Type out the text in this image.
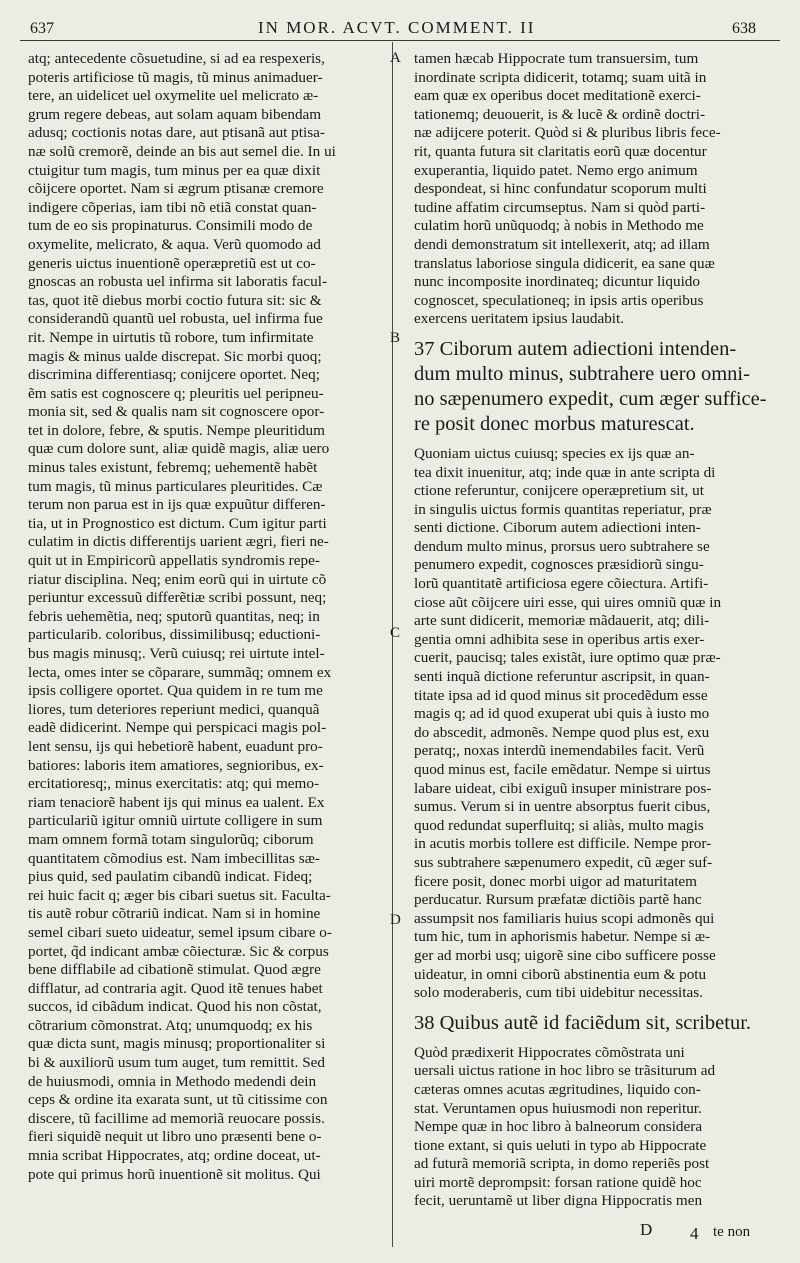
637	IN MOR. ACVT. COMMENT. II	638
A
B
C
D
atq; antecedente cõsuetudine, si ad ea respexeris,
poteris artificiose tũ magis, tũ minus animaduer-
tere, an uidelicet uel oxymelite uel melicrato æ-
grum regere debeas, aut solam aquam bibendam
adusq; coctionis notas dare, aut ptisanã aut ptisa-
næ solũ cremorẽ, deinde an bis aut semel die. In ui
ctuigitur tum magis, tum minus per ea quæ dixit
cõijcere oportet. Nam si ægrum ptisanæ cremore
indigere cõperias, iam tibi nõ etiã constat quan-
tum de eo sis propinaturus. Consimili modo de
oxymelite, melicrato, & aqua. Verũ quomodo ad
generis uictus inuentionẽ operæpretiũ est ut co-
gnoscas an robusta uel infirma sit laboratis facul-
tas, quot itẽ diebus morbi coctio futura sit: sic &
considerandũ quantũ uel robusta, uel infirma fue
rit. Nempe in uirtutis tũ robore, tum infirmitate
magis & minus ualde discrepat. Sic morbi quoq;
discrimina differentiasq; conijcere oportet. Neq;
ẽm satis est cognoscere q; pleuritis uel peripneu-
monia sit, sed & qualis nam sit cognoscere opor-
tet in dolore, febre, & sputis. Nempe pleuritidum
quæ cum dolore sunt, aliæ quidẽ magis, aliæ uero
minus tales existunt, febremq; uehementẽ habẽt
tum magis, tũ minus particulares pleuritides. Cæ
terum non parua est in ijs quæ expuũtur differen-
tia, ut in Prognostico est dictum. Cum igitur parti
culatim in dictis differentijs uarient ægri, fieri ne-
quit ut in Empiricorũ appellatis syndromis repe-
riatur disciplina. Neq; enim eorũ qui in uirtute cõ
periuntur excessuũ differẽtiæ scribi possunt, neq;
febris uehemẽtia, neq; sputorũ quantitas, neq; in
particularib. coloribus, dissimilibusq; eductioni-
bus magis minusq;. Verũ cuiusq; rei uirtute intel-
lecta, omes inter se cõparare, summãq; omnem ex
ipsis colligere oportet. Qua quidem in re tum me
liores, tum deteriores reperiunt medici, quanquã
eadẽ didicerint. Nempe qui perspicaci magis pol-
lent sensu, ijs qui hebetiorẽ habent, euadunt pro-
batiores: laboris item amatiores, segnioribus, ex-
ercitatioresq;, minus exercitatis: atq; qui memo-
riam tenaciorẽ habent ijs qui minus ea ualent. Ex
particulariũ igitur omniũ uirtute colligere in sum
mam omnem formã totam singulorũq; ciborum
quantitatem cõmodius est. Nam imbecillitas sæ-
pius quid, sed paulatim cibandũ indicat. Fideq;
rei huic facit q; æger bis cibari suetus sit. Faculta-
tis autẽ robur cõtrariũ indicat. Nam si in homine
semel cibari sueto uideatur, semel ipsum cibare o-
portet, q̃d indicant ambæ cõiecturæ. Sic & corpus
bene difflabile ad cibationẽ stimulat. Quod ægre
difflatur, ad contraria agit. Quod itẽ tenues habet
succos, id cibãdum indicat. Quod his non cõstat,
cõtrarium cõmonstrat. Atq; unumquodq; ex his
quæ dicta sunt, magis minusq; proportionaliter si
bi & auxiliorũ usum tum auget, tum remittit. Sed
de huiusmodi, omnia in Methodo medendi dein
ceps & ordine ita exarata sunt, ut tũ citissime con
discere, tũ facillime ad memoriã reuocare possis.
fieri siquidẽ nequit ut libro uno præsenti bene o-
mnia scribat Hippocrates, atq; ordine doceat, ut-
pote qui primus horũ inuentionẽ sit molitus. Qui
tamen hæcab Hippocrate tum transuersim, tum
inordinate scripta didicerit, totamq; suam uitã in
eam quæ ex operibus docet meditationẽ exerci-
tationemq; deuouerit, is & lucẽ & ordinẽ doctri-
næ adijcere poterit. Quòd si & pluribus libris fece-
rit, quanta futura sit claritatis eorũ quæ docentur
exuperantia, liquido patet. Nemo ergo animum
despondeat, si hinc confundatur scoporum multi
tudine affatim circumseptus. Nam si quòd parti-
culatim horũ unũquodq; à nobis in Methodo me
dendi demonstratum sit intellexerit, atq; ad illam
translatus laboriose singula didicerit, ea sane quæ
nunc incomposite inordinateq; dicuntur liquido
cognoscet, speculationeq; in ipsis artis operibus
exercens ueritatem ipsius laudabit.
37 Ciborum autem adiectioni intenden-
dum multo minus, subtrahere uero omni-
no sæpenumero expedit, cum æger suffice-
re posit donec morbus maturescat.
Quoniam uictus cuiusq; species ex ijs quæ an-
tea dixit inuenitur, atq; inde quæ in ante scripta di
ctione referuntur, conijcere operæpretium sit, ut
in singulis uictus formis quantitas reperiatur, præ
senti dictione. Ciborum autem adiectioni inten-
dendum multo minus, prorsus uero subtrahere se
penumero expedit, cognosces præsidiorũ singu-
lorũ quantitatẽ artificiosa egere cõiectura. Artifi-
ciose aũt cõijcere uiri esse, qui uires omniũ quæ in
arte sunt didicerit, memoriæ mãdauerit, atq; dili-
gentia omni adhibita sese in operibus artis exer-
cuerit, paucisq; tales existãt, iure optimo quæ præ-
senti inquã dictione referuntur ascripsit, in quan-
titate ipsa ad id quod minus sit procedẽdum esse
magis q; ad id quod exuperat ubi quis à iusto mo
do abscedit, admonẽs. Nempe quod plus est, exu
peratq;, noxas interdũ inemendabiles facit. Verũ
quod minus est, facile emẽdatur. Nempe si uirtus
labare uideat, cibi exiguũ insuper ministrare pos-
sumus. Verum si in uentre absorptus fuerit cibus,
quod redundat superfluitq; si aliàs, multo magis
in acutis morbis tollere est difficile. Nempe pror-
sus subtrahere sæpenumero expedit, cũ æger suf-
ficere posit, donec morbi uigor ad maturitatem
perducatur. Rursum præfatæ dictiõis partẽ hanc
assumpsit nos familiaris huius scopi admonẽs qui
tum hic, tum in aphorismis habetur. Nempe si æ-
ger ad morbi usq; uigorẽ sine cibo sufficere posse
uideatur, in omni ciborũ abstinentia eum & potu
solo moderaberis, cum tibi uidebitur necessitas.
38 Quibus autẽ id faciẽdum sit, scribetur.
Quòd prædixerit Hippocrates cõmõstrata uni
uersali uictus ratione in hoc libro se trãsiturum ad
cæteras omnes acutas ægritudines, liquido con-
stat. Veruntamen opus huiusmodi non reperitur.
Nempe quæ in hoc libro à balneorum considera
tione extant, si quis ueluti in typo ab Hippocrate
ad futurã memoriã scripta, in domo reperiẽs post
uiri mortẽ deprompsit: forsan ratione quidẽ hoc
fecit, ueruntamẽ ut liber digna Hippocratis men
D 4 te non
